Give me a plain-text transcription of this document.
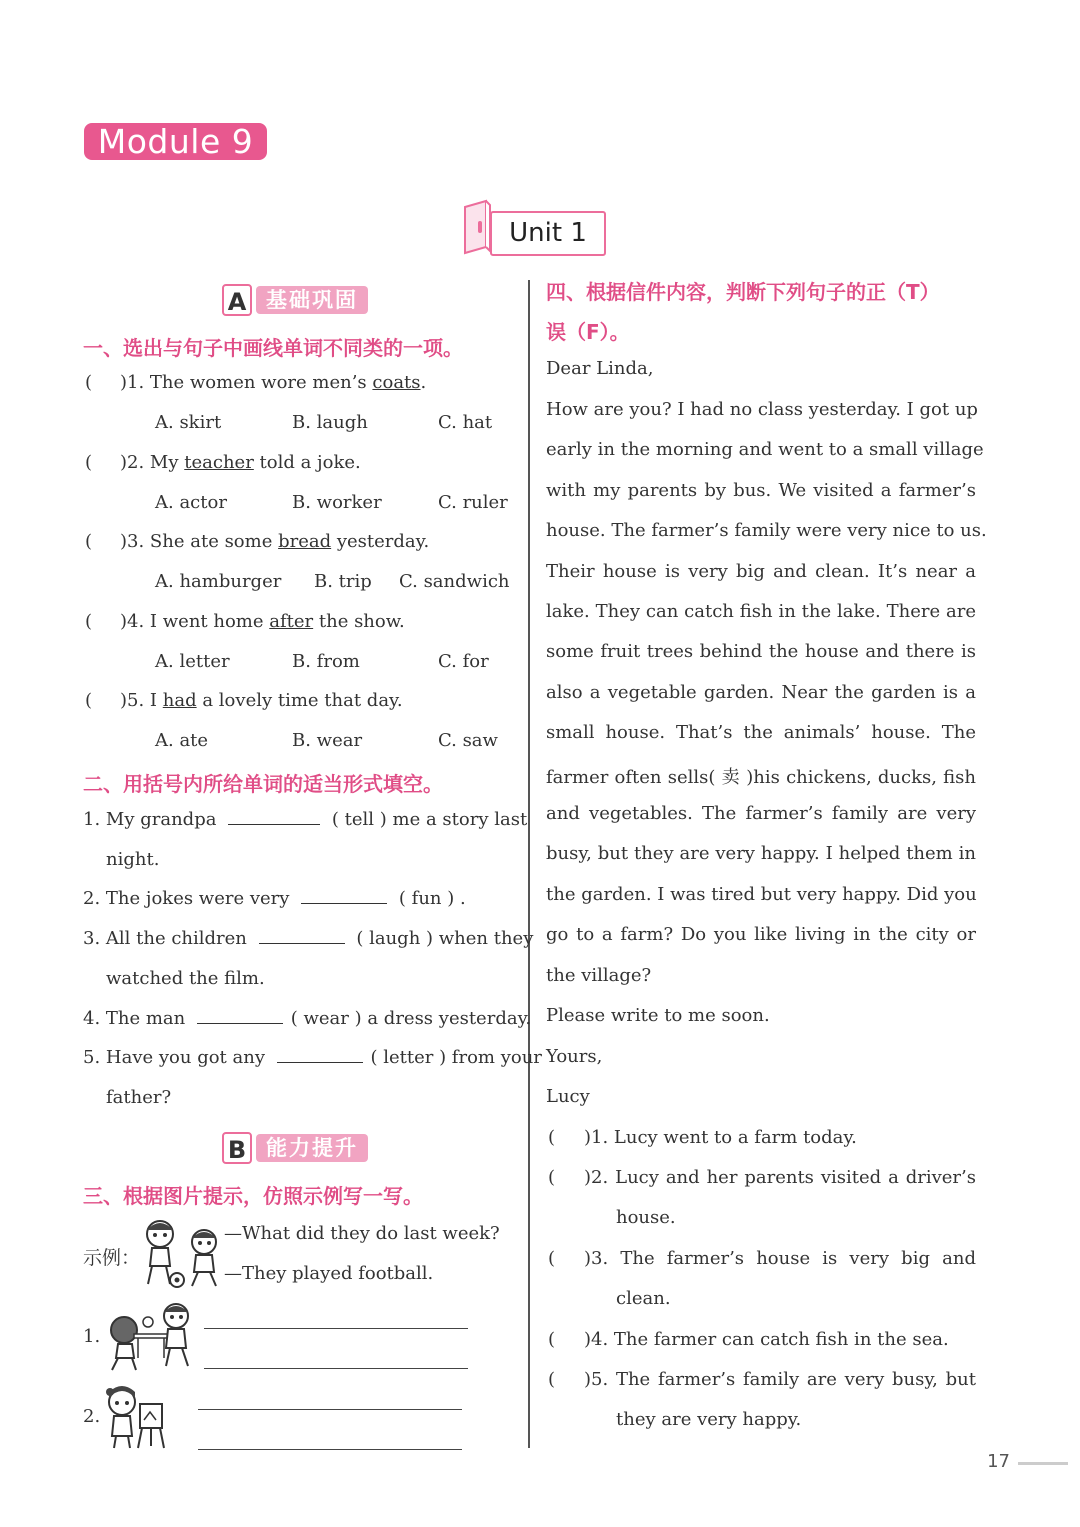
Module 9
Unit 1
A 基础巩固
一、选出与句子中画线单词不同类的一项。
( )1. The women wore men’s coats.
A. skirt	B. laugh	C. hat
( )2. My teacher told a joke.
A. actor	B. worker	C. ruler
( )3. She ate some bread yesterday.
A. hamburger B. trip C. sandwich
( )4. I went home after the show.
A. letter	B. from	C. for
( )5. I had a lovely time that day.
A. ate	B. wear	C. saw
二、用括号内所给单词的适当形式填空。
1. My grandpa	( tell ) me a story last
night.
2. The jokes were very	( fun ) .
3. All the children	( laugh ) when they
watched the film.
4. The man	( wear ) a dress yesterday.
5. Have you got any	( letter ) from your
father?
B 能力提升
三、根据图片提示，仿照示例写一写。
示例：
—What did they do last week?
—They played football.
1.
2.
四、根据信件内容，判断下列句子的正（T）
误（F）。
Dear Linda,
How are you? I had no class yesterday. I got up
early in the morning and went to a small village
with my parents by bus. We visited a farmer’s
house. The farmer’s family were very nice to us.
Their house is very big and clean. It’s near a
lake. They can catch fish in the lake. There are
some fruit trees behind the house and there is
also a vegetable garden. Near the garden is a
small house. That’s the animals’ house. The
farmer often sells( 卖 )his chickens, ducks, fish
and vegetables. The farmer’s family are very
busy, but they are very happy. I helped them in
the garden. I was tired but very happy. Did you
go to a farm? Do you like living in the city or
the village?
Please write to me soon.
Yours,
Lucy
( )1. Lucy went to a farm today.
( )2. Lucy and her parents visited a driver’s
house.
( )3. The farmer’s house is very big and
clean.
( )4. The farmer can catch fish in the sea.
( )5. The farmer’s family are very busy, but
they are very happy.
17
